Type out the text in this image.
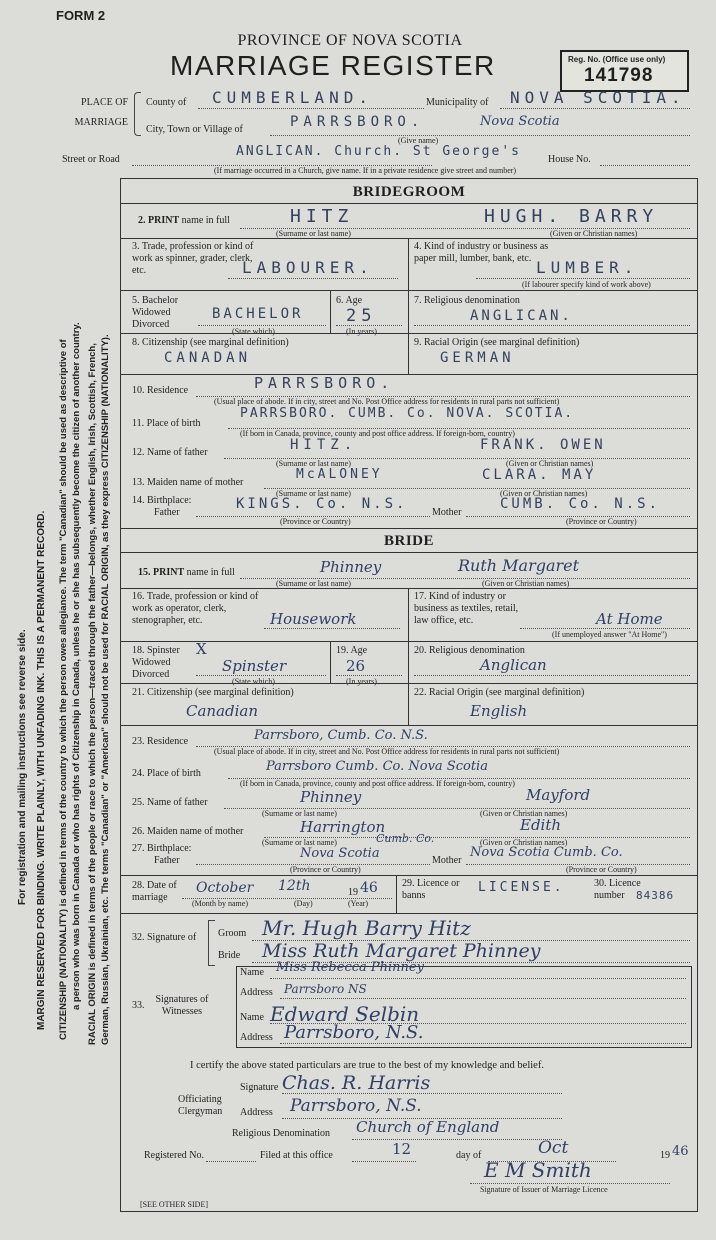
FORM 2
PROVINCE OF NOVA SCOTIA
MARRIAGE REGISTER	Reg. No. (Office use only)
141798
PLACE OF
MARRIAGE
County of CUMBERLAND.	Municipality of NOVA SCOTIA.
City, Town or Village of	PARRSBORO.	Nova Scotia
(Give name)
Street or Road
ANGLICAN. Church. St George's
House No.
(If marriage occurred in a Church, give name. If in a private residence give street and number)
For registration and mailing instructions see reverse side. MARGIN RESERVED FOR BINDING. WRITE PLAINLY, WITH UNFADING INK. THIS IS A PERMANENT RECORD. CITIZENSHIP (NATIONALITY) is defined in terms of the country to which the person owes allegiance. The term "Canadian" should be used as descriptive of a person who was born in Canada or who has rights of Citizenship in Canada, unless he or she has subsequently become the citizen of another country. RACIAL ORIGIN is defined in terms of the people or race to which the person—traced through the father—belongs, whether English, Irish, Scottish, French, German, Russian, Ukrainian, etc. The terms "Canadian" or "American" should not be used for RACIAL ORIGIN, as they express CITIZENSHIP (NATIONALITY).
BRIDEGROOM
2. PRINT name in full	HITZ	HUGH. BARRY
(Surname or last name)	(Given or Christian names)
3. Trade, profession or kind of work as spinner, grader, clerk, etc.	LABOURER.
4. Kind of industry or business as paper mill, lumber, bank, etc. LUMBER.
(If labourer specify kind of work above)
5. Bachelor Widowed Divorced
BACHELOR
(State which)
6. Age
25
(In years)
7. Religious denomination
ANGLICAN.
8. Citizenship (see marginal definition)
CANADAN
9. Racial Origin (see marginal definition)
GERMAN
10. Residence	PARRSBORO.
(Usual place of abode. If in city, street and No. Post Office address for residents in rural parts not sufficient)
11. Place of birth
PARRSBORO. CUMB. Co. NOVA. SCOTIA.
(If born in Canada, province, county and post office address. If foreign-born, country)
12. Name of father	HITZ.	FRANK. OWEN
(Surname or last name)	(Given or Christian names)
13. Maiden name of mother
McALONEY	CLARA. MAY
(Surname or last name)	(Given or Christian names)
14. Birthplace:
Father
KINGS. Co. N.S.
Mother
CUMB. Co. N.S.
(Province or Country)	(Province or Country)
BRIDE
15. PRINT name in full	Phinney	Ruth Margaret
(Surname or last name)	(Given or Christian names)
16. Trade, profession or kind of work as operator, clerk, stenographer, etc.	Housework
17. Kind of industry or business as textiles, retail, law office, etc.	At Home
(If unemployed answer "At Home")
18. Spinster Widowed Divorced
X
Spinster
(State which)
19. Age
26
(In years)
20. Religious denomination
Anglican
21. Citizenship (see marginal definition)
Canadian
22. Racial Origin (see marginal definition)
English
23. Residence	Parrsboro, Cumb. Co. N.S.
(Usual place of abode. If in city, street and No. Post Office address for residents in rural parts not sufficient)
24. Place of birth	Parrsboro Cumb. Co. Nova Scotia
(If born in Canada, province, county and post office address. If foreign-born, country)
25. Name of father	Phinney	Mayford
(Surname or last name)	(Given or Christian names)
26. Maiden name of mother	Harrington	Edith
(Surname or last name)	(Given or Christian names)
27. Birthplace:
Father	Nova Scotia
Cumb. Co.
Mother
Nova Scotia Cumb. Co.
(Province or Country)	(Province or Country)
28. Date of
marriage
October 12th	19 46
(Month by name)	(Day)	(Year)
29. Licence or banns
LICENSE.	30. Licence number	84386
32. Signature of	Groom Mr. Hugh Barry Hitz
Bride Miss Ruth Margaret Phinney
Signatures of
Witnesses
33.
Name Miss Rebecca Phinney
Address Parrsboro NS
Name Edward Selbin
Address Parrsboro, N.S.
I certify the above stated particulars are true to the best of my knowledge and belief.
Signature Chas. R. Harris
Officiating
Clergyman Address Parrsboro, N.S.
Religious Denomination Church of England
Registered No.	Filed at this office	12	day of	Oct	19 46
E M Smith
Signature of Issuer of Marriage Licence
[SEE OTHER SIDE]
